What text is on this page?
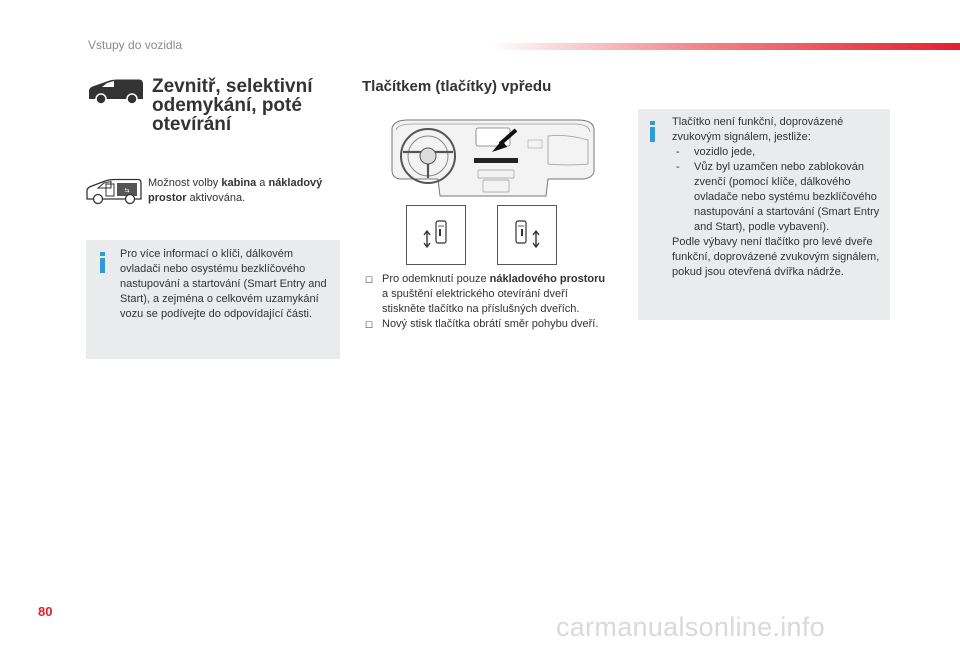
Vstupy do vozidla
Zevnitř, selektivní odemykání, poté otevírání
⇆
Možnost volby kabina a nákladový prostor aktivována.
Pro více informací o klíči, dálkovém ovladači nebo osystému bezklíčového nastupování a startování (Smart Entry and Start), a zejména o celkovém uzamykání vozu se podívejte do odpovídající části.
Tlačítkem (tlačítky) vpředu
☐ Pro odemknutí pouze nákladového prostoru a spuštění elektrického otevírání dveří stiskněte tlačítko na příslušných dveřích.
☐ Nový stisk tlačítka obrátí směr pohybu dveří.
Tlačítko není funkční, doprovázené zvukovým signálem, jestliže:
-	vozidlo jede,
-	Vůz byl uzamčen nebo zablokován zvenčí (pomocí klíče, dálkového ovladače nebo systému bezklíčového nastupování a startování (Smart Entry and Start), podle vybavení).
Podle výbavy není tlačítko pro levé dveře funkční, doprovázené zvukovým signálem, pokud jsou otevřená dvířka nádrže.
80
carmanualsonline.info
